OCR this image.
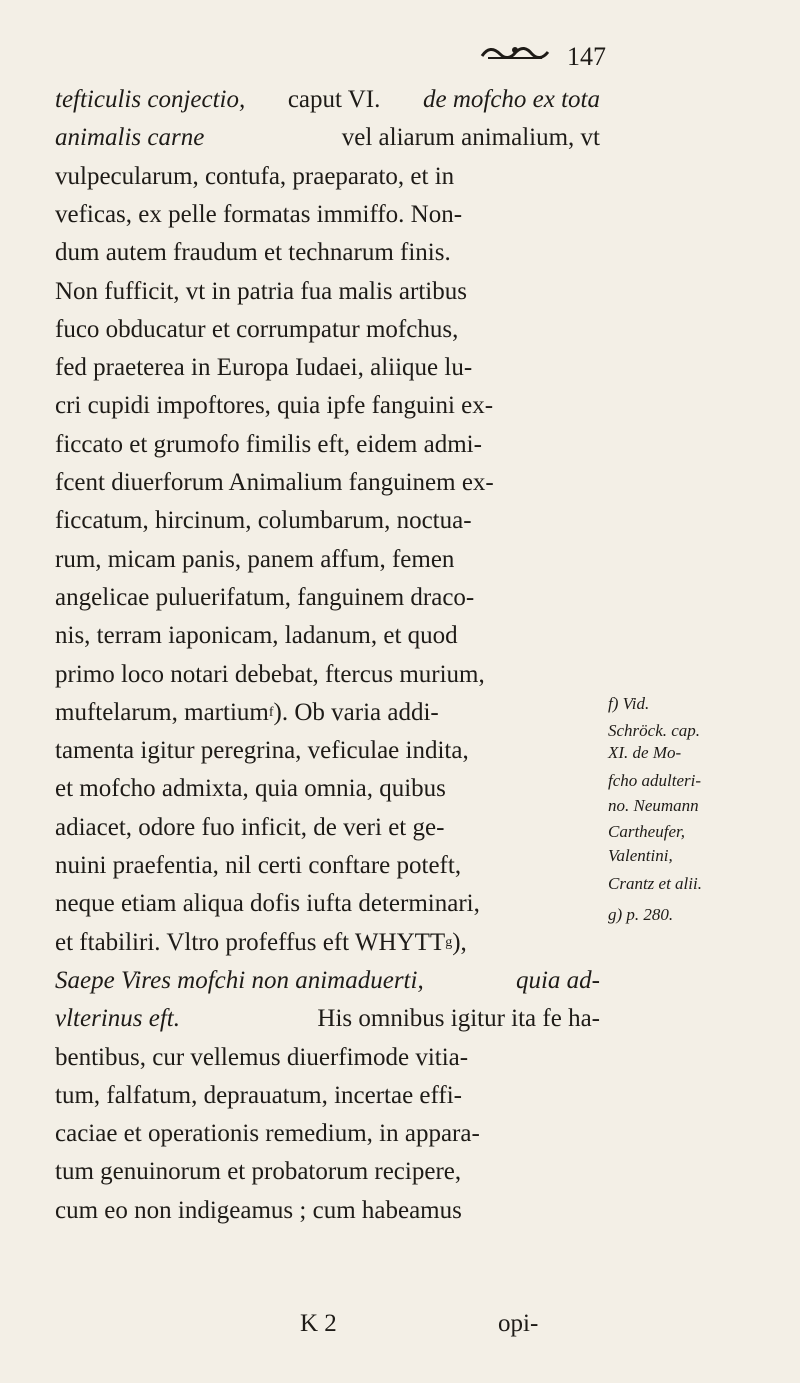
147
tefticulis conjectio, caput VI. de mofcho ex tota
animalis carne	vel aliarum animalium, vt
vulpecularum, contufa, praeparato, et in
veficas, ex pelle formatas immiffo. Non-
dum autem fraudum et technarum finis.
Non fufficit, vt in patria fua malis artibus
fuco obducatur et corrumpatur mofchus,
fed praeterea in Europa Iudaei, aliique lu-
cri cupidi impoftores, quia ipfe fanguini ex-
ficcato et grumofo fimilis eft, eidem admi-
fcent diuerforum Animalium fanguinem ex-
ficcatum, hircinum, columbarum, noctua-
rum, micam panis, panem affum, femen
angelicae puluerifatum, fanguinem draco-
nis, terram iaponicam, ladanum, et quod
primo loco notari debebat, ftercus murium,
muftelarum, martium f ). Ob varia addi-
tamenta igitur peregrina, veficulae indita,
et mofcho admixta, quia omnia, quibus
adiacet, odore fuo inficit, de veri et ge-
nuini praefentia, nil certi conftare poteft,
neque etiam aliqua dofis iufta determinari,
et ftabiliri. Vltro profeffus eft WHYTT g ),
Saepe Vires mofchi non animaduerti,	quia ad-
vlterinus eft.	His omnibus igitur ita fe ha-
bentibus, cur vellemus diuerfimode vitia-
tum, falfatum, deprauatum, incertae effi-
caciae et operationis remedium, in appara-
tum genuinorum et probatorum recipere,
cum eo non indigeamus ; cum habeamus
f) Vid.
Schröck. cap.
XI. de Mo-
fcho adulteri-
no. Neumann
Cartheufer,
Valentini,
Crantz et alii.
g) p. 280.
K 2	opi-
